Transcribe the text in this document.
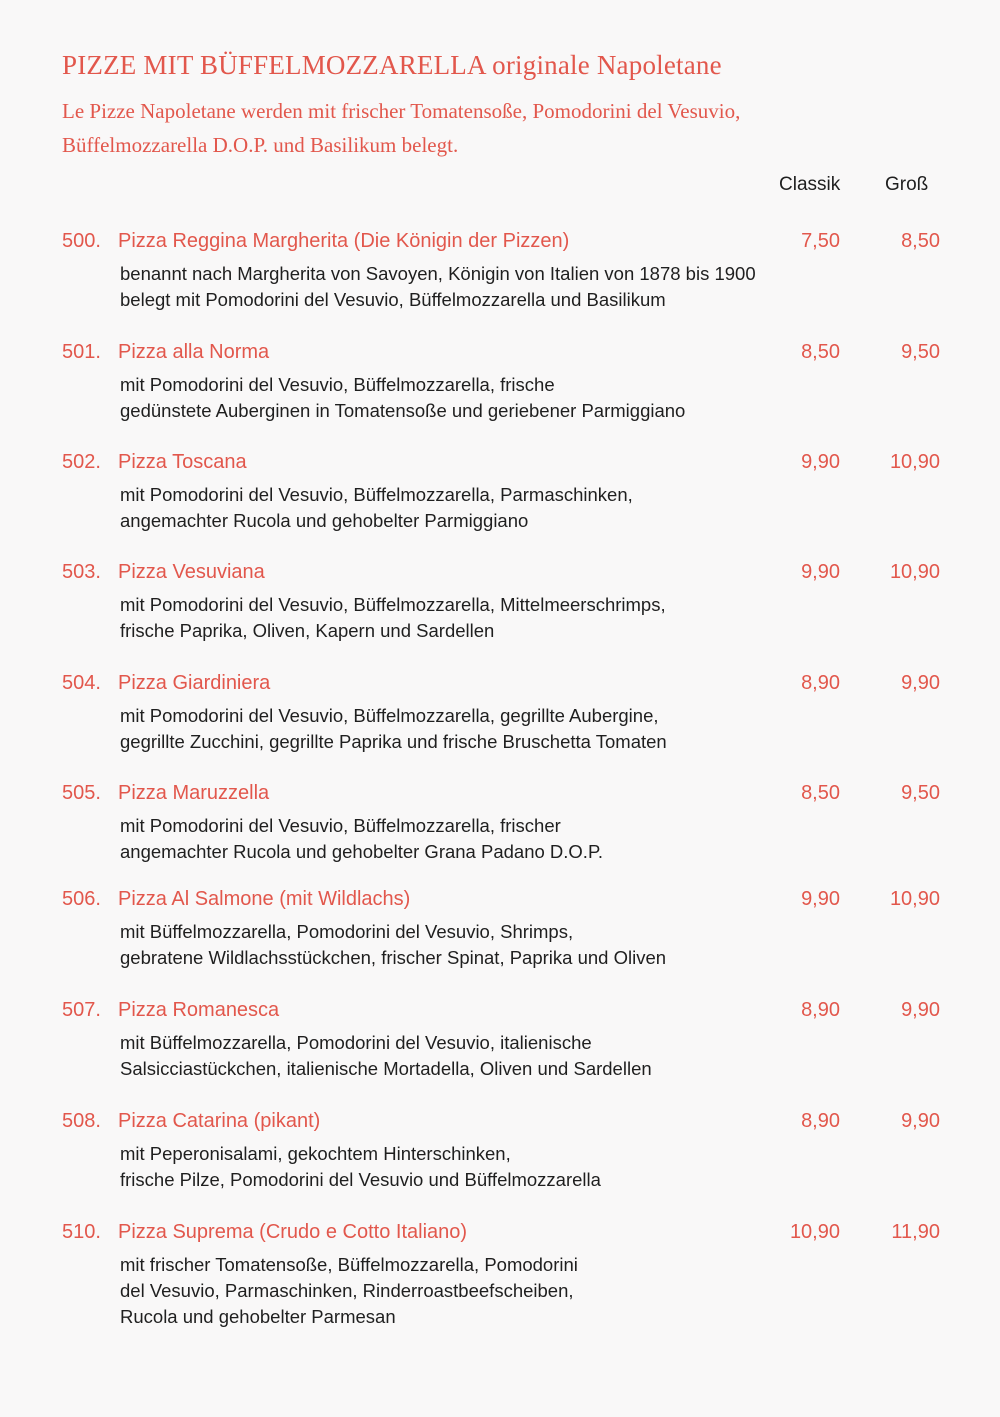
PIZZE MIT BÜFFELMOZZARELLA originale Napoletane
Le Pizze Napoletane werden mit frischer Tomatensoße, Pomodorini del Vesuvio,
Büffelmozzarella D.O.P. und Basilikum belegt.
Classik Groß
500. Pizza Reggina Margherita (Die Königin der Pizzen)	7,50	8,50
benannt nach Margherita von Savoyen, Königin von Italien von 1878 bis 1900
belegt mit Pomodorini del Vesuvio, Büffelmozzarella und Basilikum
501. Pizza alla Norma	8,50	9,50
mit Pomodorini del Vesuvio, Büffelmozzarella, frische
gedünstete Auberginen in Tomatensoße und geriebener Parmiggiano
502. Pizza Toscana	9,90 10,90
mit Pomodorini del Vesuvio, Büffelmozzarella, Parmaschinken,
angemachter Rucola und gehobelter Parmiggiano
503. Pizza Vesuviana	9,90 10,90
mit Pomodorini del Vesuvio, Büffelmozzarella, Mittelmeerschrimps,
frische Paprika, Oliven, Kapern und Sardellen
504. Pizza Giardiniera	8,90	9,90
mit Pomodorini del Vesuvio, Büffelmozzarella, gegrillte Aubergine,
gegrillte Zucchini, gegrillte Paprika und frische Bruschetta Tomaten
505. Pizza Maruzzella	8,50	9,50
mit Pomodorini del Vesuvio, Büffelmozzarella, frischer
angemachter Rucola und gehobelter Grana Padano D.O.P.
506. Pizza Al Salmone (mit Wildlachs)	9,90 10,90
mit Büffelmozzarella, Pomodorini del Vesuvio, Shrimps,
gebratene Wildlachsstückchen, frischer Spinat, Paprika und Oliven
507. Pizza Romanesca	8,90	9,90
mit Büffelmozzarella, Pomodorini del Vesuvio, italienische
Salsicciastückchen, italienische Mortadella, Oliven und Sardellen
508. Pizza Catarina (pikant)	8,90	9,90
mit Peperonisalami, gekochtem Hinterschinken,
frische Pilze, Pomodorini del Vesuvio und Büffelmozzarella
510. Pizza Suprema (Crudo e Cotto Italiano)	10,90	11,90
mit frischer Tomatensoße, Büffelmozzarella, Pomodorini
del Vesuvio, Parmaschinken, Rinderroastbeefscheiben,
Rucola und gehobelter Parmesan
